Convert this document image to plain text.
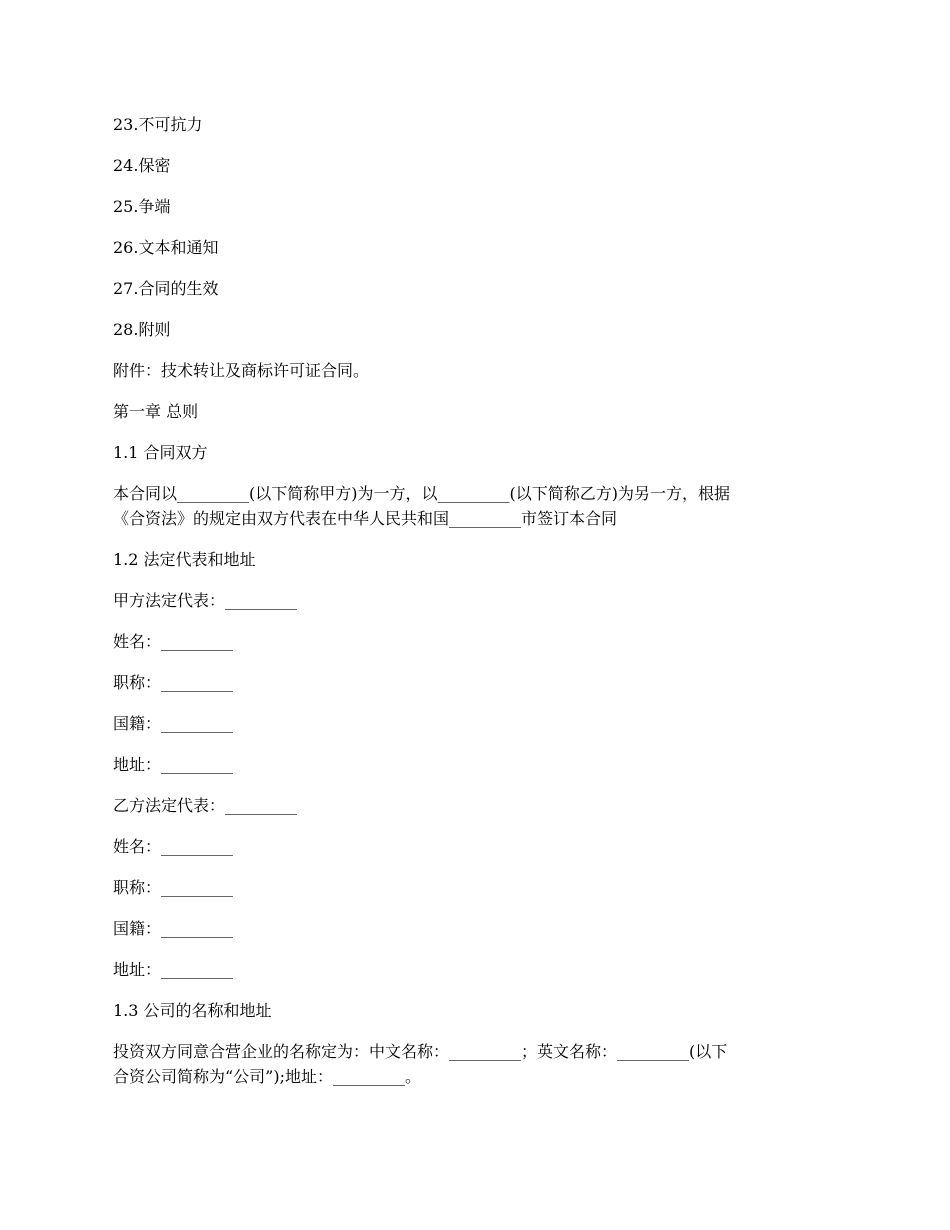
23.不可抗力
24.保密
25.争端
26.文本和通知
27.合同的生效
28.附则
附件：技术转让及商标许可证合同。
第一章 总则
1.1 合同双方
本合同以_________(以下简称甲方)为一方，以_________(以下简称乙方)为另一方，根据
《合资法》的规定由双方代表在中华人民共和国_________市签订本合同
1.2 法定代表和地址
甲方法定代表：_________
姓名：_________
职称：_________
国籍：_________
地址：_________
乙方法定代表：_________
姓名：_________
职称：_________
国籍：_________
地址：_________
1.3 公司的名称和地址
投资双方同意合营企业的名称定为：中文名称：_________；英文名称：_________(以下
合资公司简称为“公司”);地址：_________。
